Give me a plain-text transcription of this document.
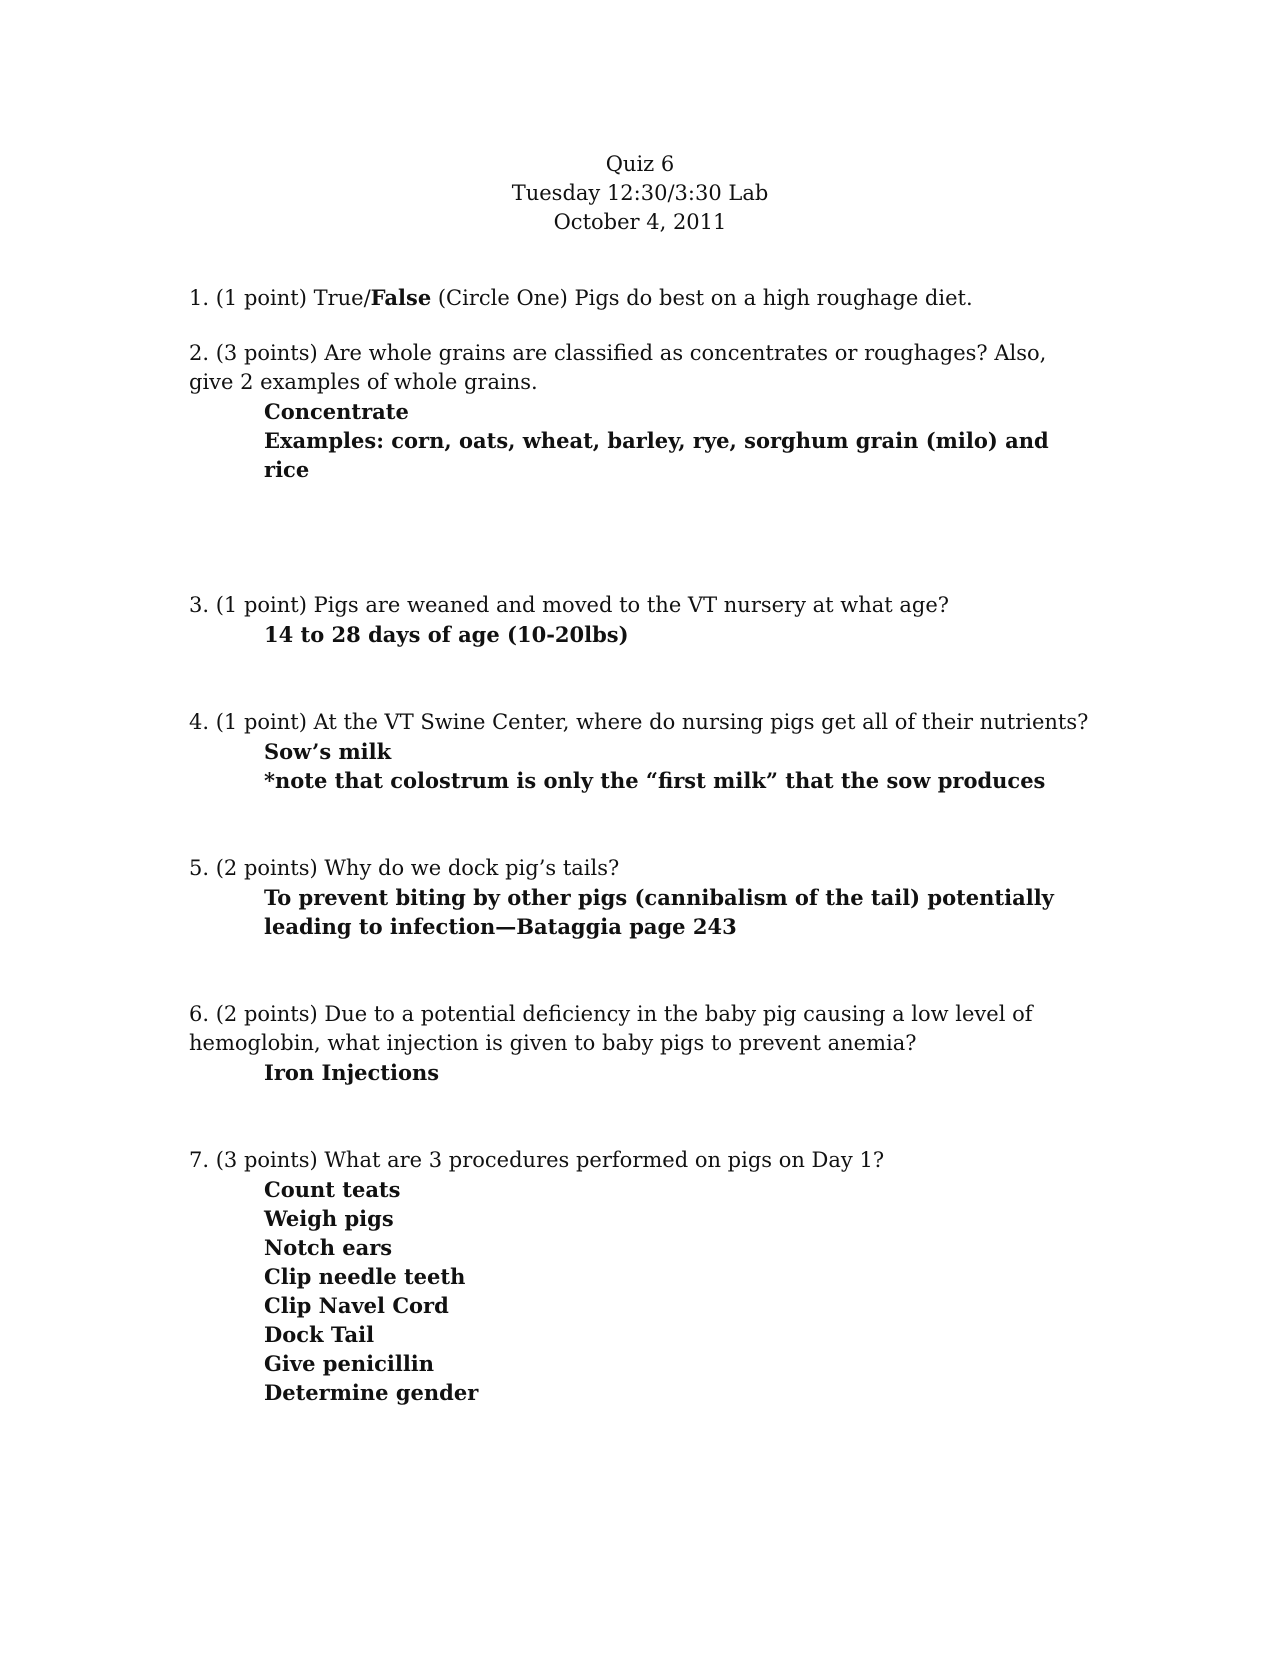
Quiz 6
Tuesday 12:30/3:30 Lab
October 4, 2011

1. (1 point) True/False (Circle One) Pigs do best on a high roughage diet.

2. (3 points) Are whole grains are classified as concentrates or roughages? Also, give 2 examples of whole grains.

Concentrate
Examples: corn, oats, wheat, barley, rye, sorghum grain (milo) and rice

3. (1 point) Pigs are weaned and moved to the VT nursery at what age?

14 to 28 days of age (10-20lbs)

4. (1 point) At the VT Swine Center, where do nursing pigs get all of their nutrients?

Sow’s milk
*note that colostrum is only the “first milk” that the sow produces

5. (2 points) Why do we dock pig’s tails?

To prevent biting by other pigs (cannibalism of the tail) potentially
leading to infection—Bataggia page 243

6. (2 points) Due to a potential deficiency in the baby pig causing a low level of hemoglobin, what injection is given to baby pigs to prevent anemia?

Iron Injections

7. (3 points) What are 3 procedures performed on pigs on Day 1?

Count teats
Weigh pigs
Notch ears
Clip needle teeth
Clip Navel Cord
Dock Tail
Give penicillin
Determine gender
